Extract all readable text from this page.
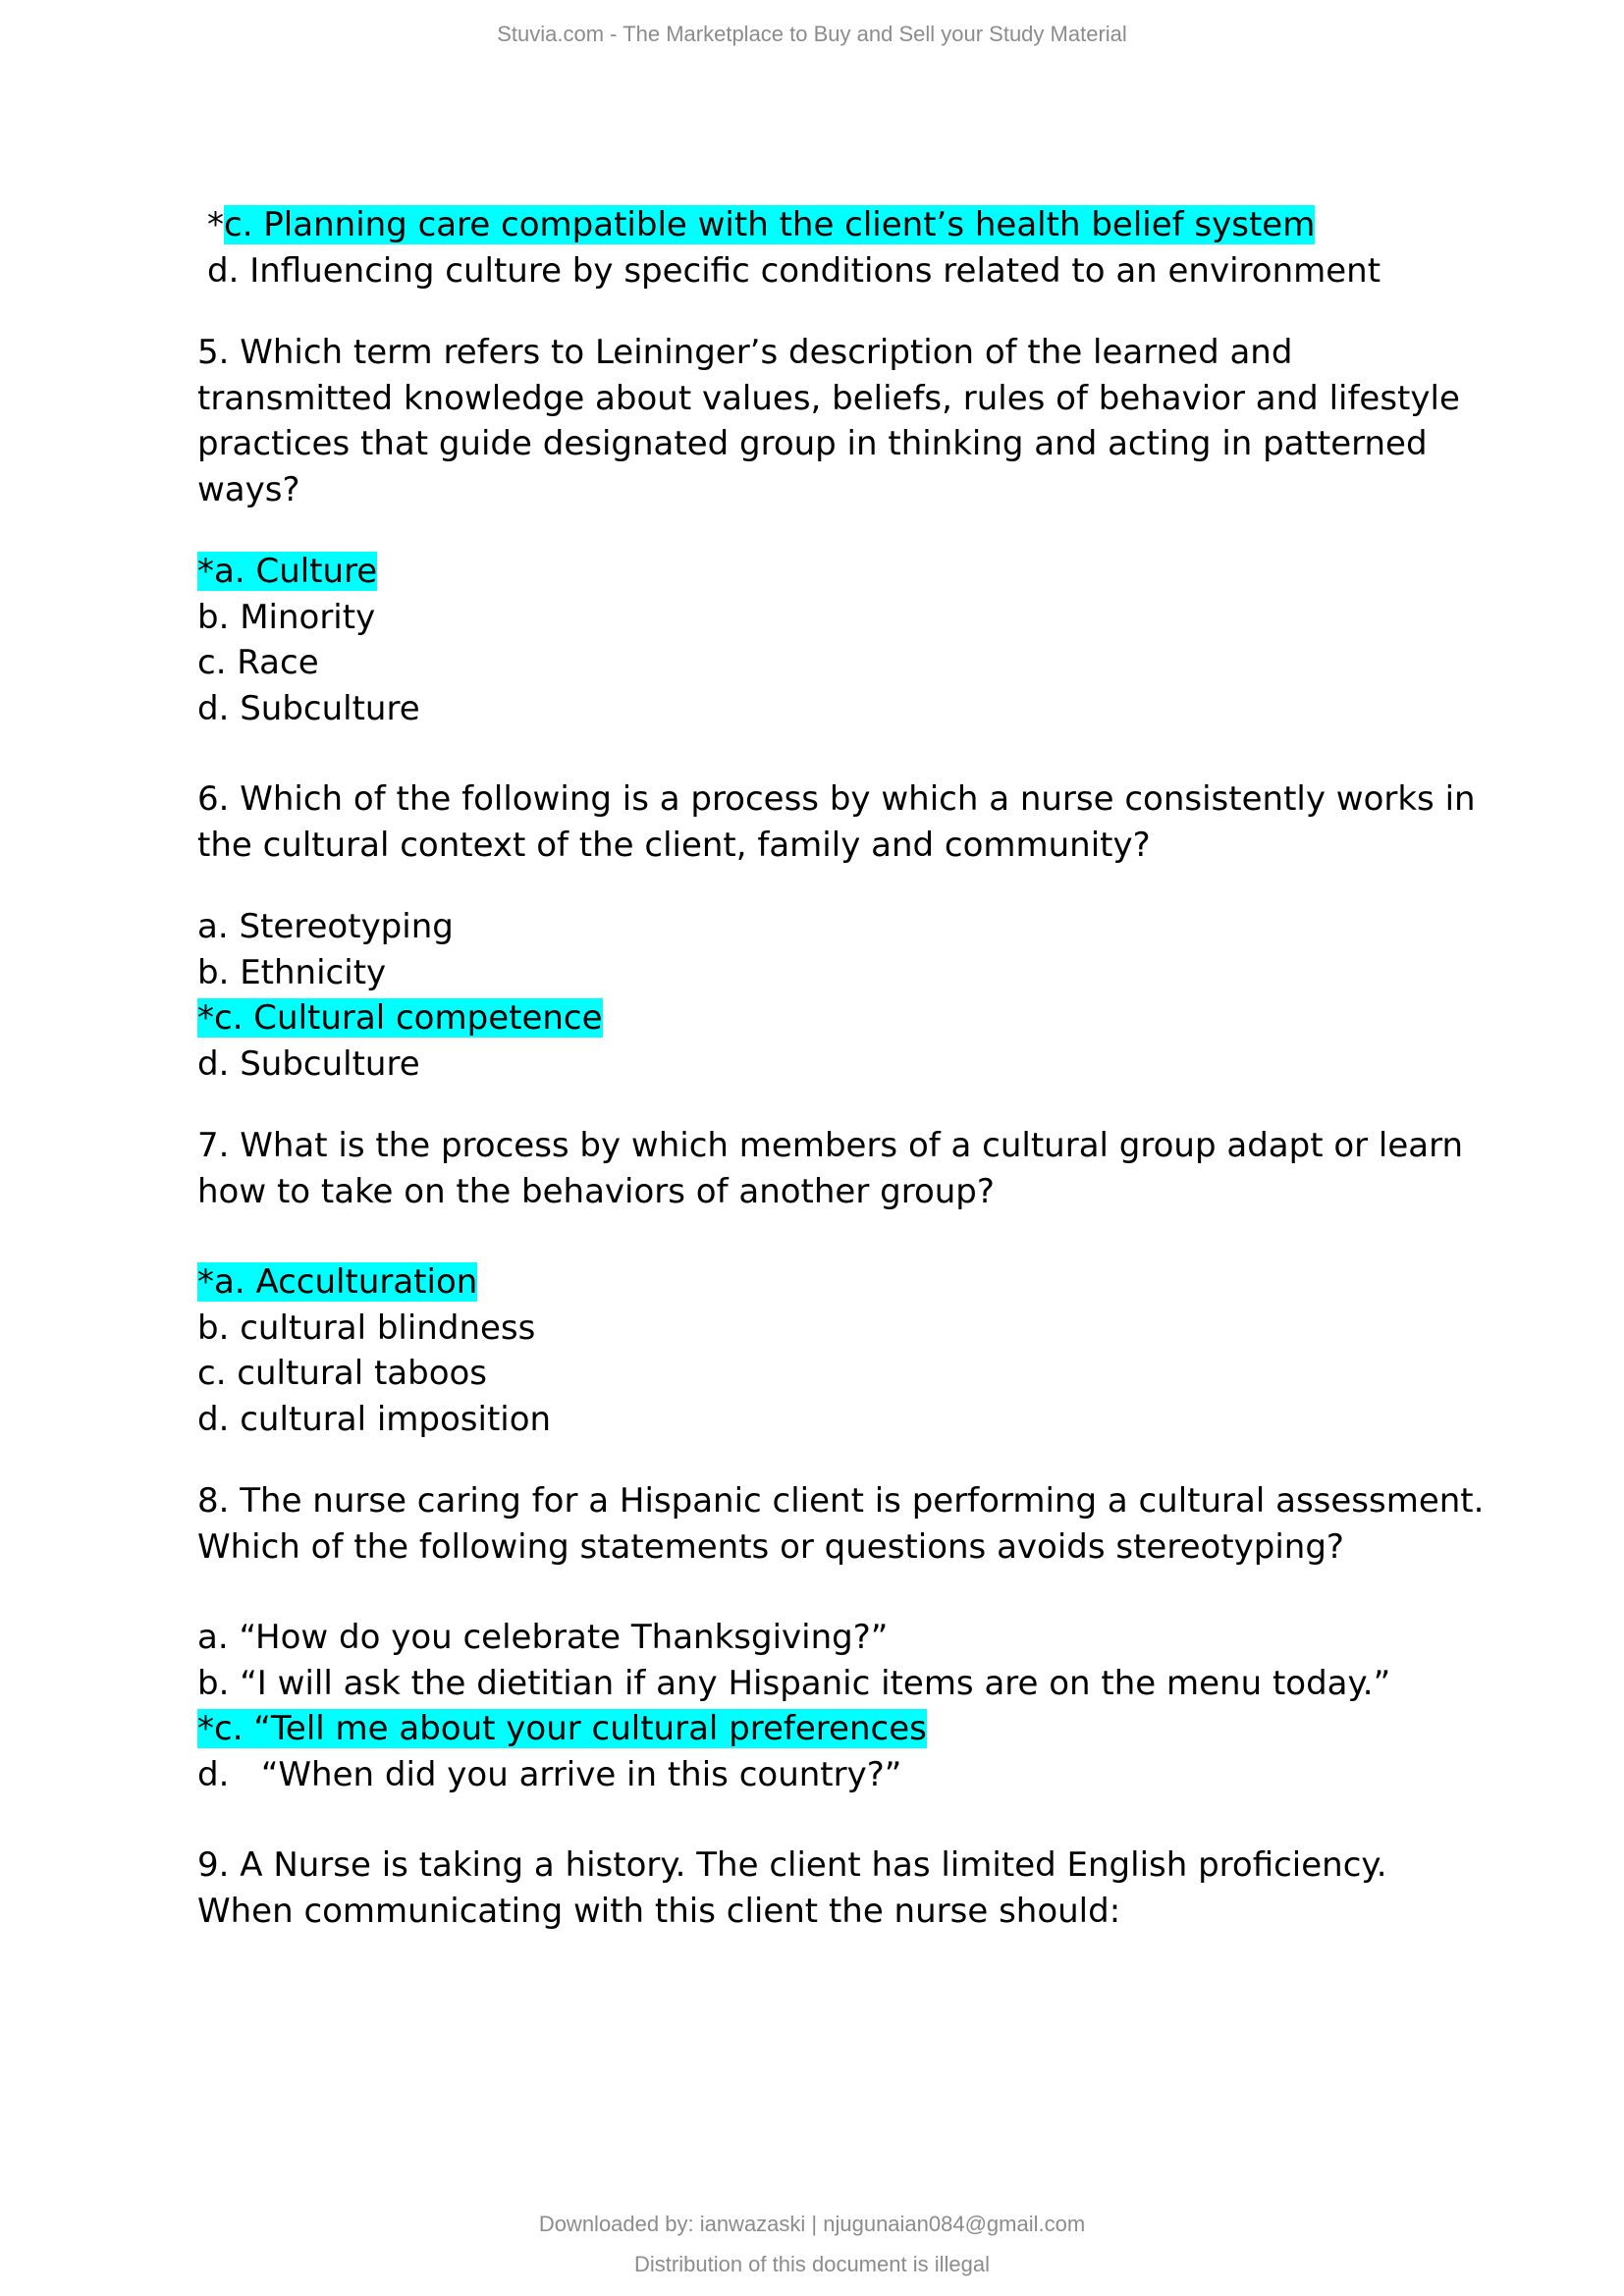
Stuvia.com - The Marketplace to Buy and Sell your Study Material
*c. Planning care compatible with the client’s health belief system
d. Influencing culture by specific conditions related to an environment
5. Which term refers to Leininger’s description of the learned and
transmitted knowledge about values, beliefs, rules of behavior and lifestyle
practices that guide designated group in thinking and acting in patterned
ways?
*a. Culture
b. Minority
c. Race
d. Subculture
6. Which of the following is a process by which a nurse consistently works in
the cultural context of the client, family and community?
a. Stereotyping
b. Ethnicity
*c. Cultural competence
d. Subculture
7. What is the process by which members of a cultural group adapt or learn
how to take on the behaviors of another group?
*a. Acculturation
b. cultural blindness
c. cultural taboos
d. cultural imposition
8. The nurse caring for a Hispanic client is performing a cultural assessment.
Which of the following statements or questions avoids stereotyping?
a. “How do you celebrate Thanksgiving?”
b. “I will ask the dietitian if any Hispanic items are on the menu today.”
*c. “Tell me about your cultural preferences
d.   “When did you arrive in this country?”
9. A Nurse is taking a history. The client has limited English proficiency.
When communicating with this client the nurse should:
Downloaded by: ianwazaski | njugunaian084@gmail.com
Distribution of this document is illegal
